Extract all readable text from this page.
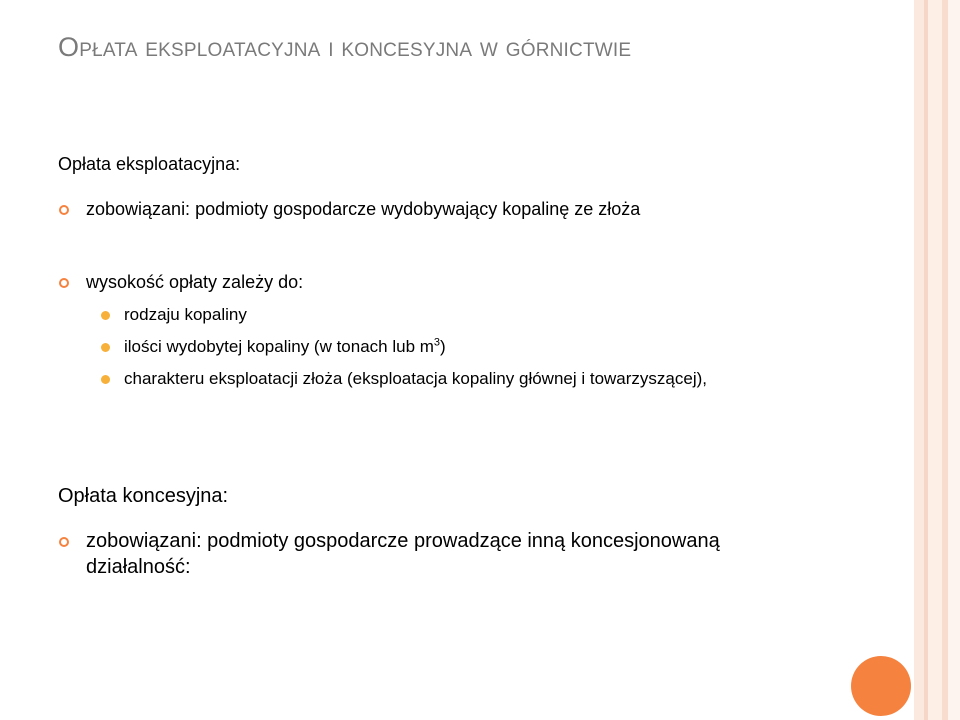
Opłata eksploatacyjna i koncesyjna w górnictwie
Opłata eksploatacyjna:
zobowiązani: podmioty gospodarcze wydobywający kopalinę ze złoża
wysokość opłaty zależy do:
rodzaju kopaliny
ilości wydobytej kopaliny (w tonach lub $m^3$)
charakteru eksploatacji złoża (eksploatacja kopaliny głównej i towarzyszącej),
Opłata koncesyjna:
zobowiązani: podmioty gospodarcze prowadzące inną koncesjonowaną działalność:
